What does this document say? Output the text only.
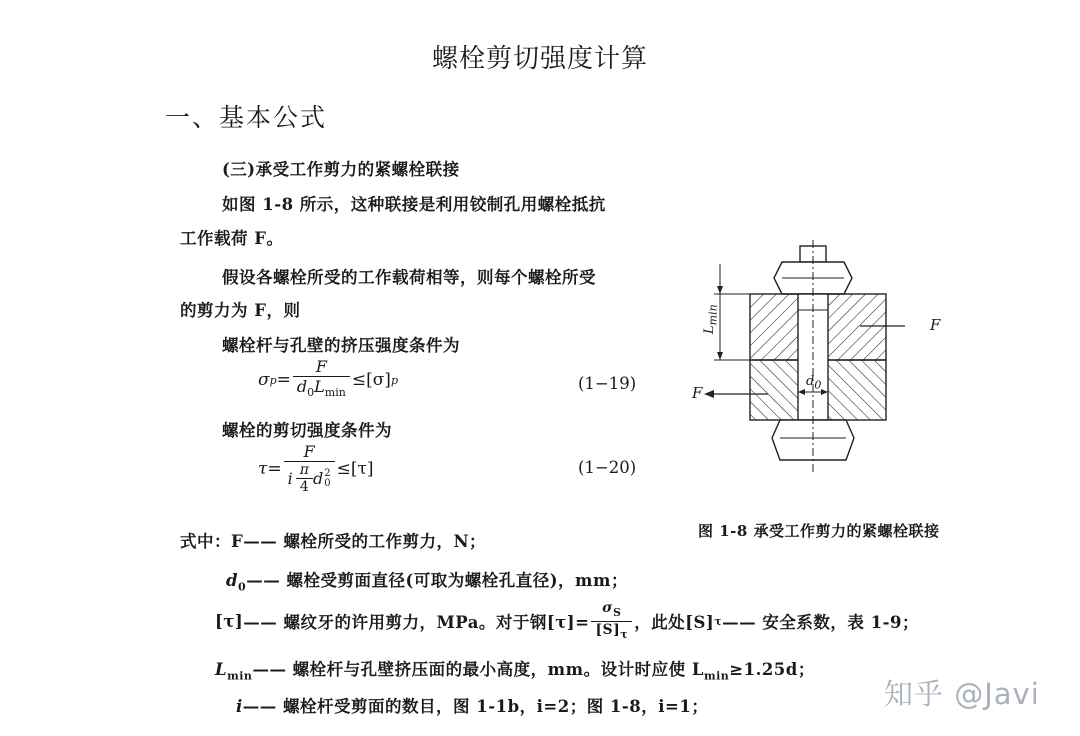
螺栓剪切强度计算
一、基本公式
(三)承受工作剪力的紧螺栓联接
如图 1-8 所示，这种联接是利用铰制孔用螺栓抵抗
工作载荷 F。
假设各螺栓所受的工作载荷相等，则每个螺栓所受
的剪力为 F，则
螺栓杆与孔壁的挤压强度条件为
σ $p = \frac{F}{d_0L_{min}} \le[\sigma]$ p	(1−19)
螺栓的剪切强度条件为
τ= F
i $\frac{\pi}{4}$ d 2
0 ≤[τ]	(1−20)
式中：F—— 螺栓所受的工作剪力，N；
$d_0——$ 螺栓受剪面直径(可取为螺栓孔直径)，mm；
[τ] —— 螺纹牙的许用剪力，MPa。对于钢$[\tau]= \frac{\sigma_S}{[S]_\tau}$ ，此处[S] τ —— 安全系数，表 1-9；
$L_{min}——$ 螺栓杆与孔壁挤压面的最小高度，mm。设计时应使 $L_{min}\ge 1.25d$；
i—— 螺栓杆受剪面的数目，图 1-1b，i=2；图 1-8，i=1；
F
F
$L_{min}$
$d_0$
图 1-8 承受工作剪力的紧螺栓联接
知乎 @Javi
